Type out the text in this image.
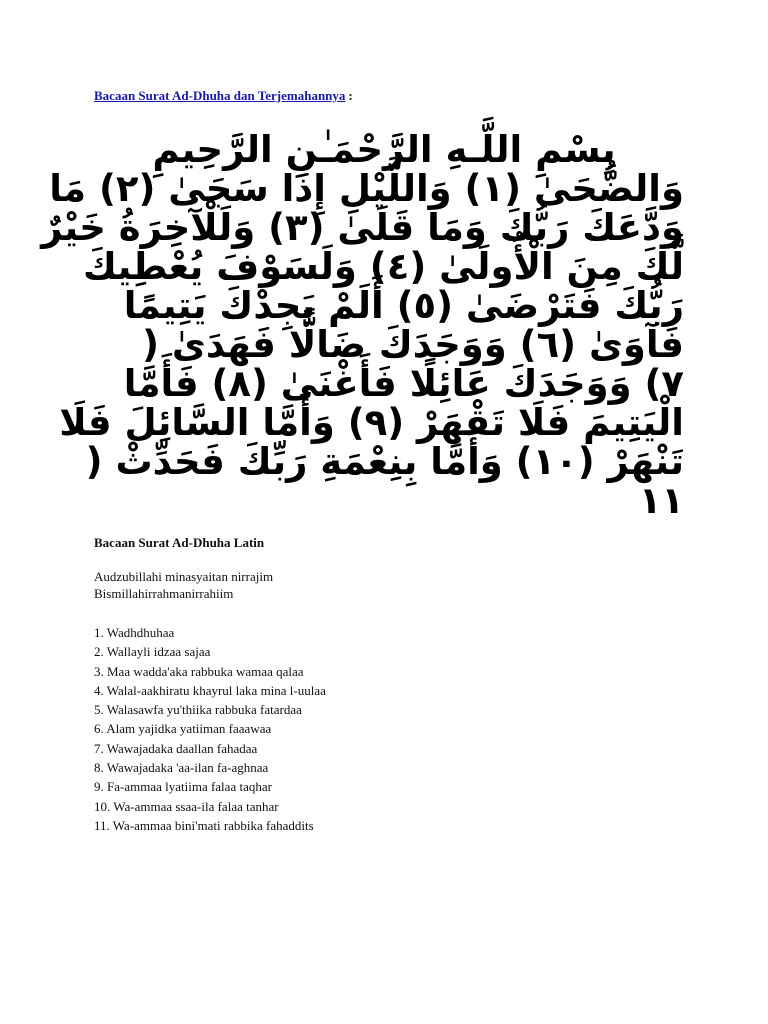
Bacaan Surat Ad-Dhuha dan Terjemahannya :
بِسْمِ اللَّـهِ الرَّحْمَـٰنِ الرَّحِيمِ
وَالضُّحَىٰ (١) وَاللَّيْلِ إِذَا سَجَىٰ (٢) مَا
وَدَّعَكَ رَبُّكَ وَمَا قَلَىٰ (٣) وَلَلْآخِرَةُ خَيْرٌ
لَّكَ مِنَ الْأُولَىٰ (٤) وَلَسَوْفَ يُعْطِيكَ
رَبُّكَ فَتَرْضَىٰ (٥) أَلَمْ يَجِدْكَ يَتِيمًا
فَآوَىٰ (٦) وَوَجَدَكَ ضَالًّا فَهَدَىٰ (
٧) وَوَجَدَكَ عَائِلًا فَأَغْنَىٰ (٨) فَأَمَّا
الْيَتِيمَ فَلَا تَقْهَرْ (٩) وَأَمَّا السَّائِلَ فَلَا
تَنْهَرْ (١٠) وَأَمَّا بِنِعْمَةِ رَبِّكَ فَحَدِّثْ (
١١
Bacaan Surat Ad-Dhuha Latin
Audzubillahi minasyaitan nirrajim
Bismillahirrahmanirrahiim
1. Wadhdhuhaa
2. Wallayli idzaa sajaa
3. Maa wadda'aka rabbuka wamaa qalaa
4. Walal-aakhiratu khayrul laka mina l-uulaa
5. Walasawfa yu'thiika rabbuka fatardaa
6. Alam yajidka yatiiman faaawaa
7. Wawajadaka daallan fahadaa
8. Wawajadaka 'aa-ilan fa-aghnaa
9. Fa-ammaa lyatiima falaa taqhar
10. Wa-ammaa ssaa-ila falaa tanhar
11. Wa-ammaa bini'mati rabbika fahaddits
